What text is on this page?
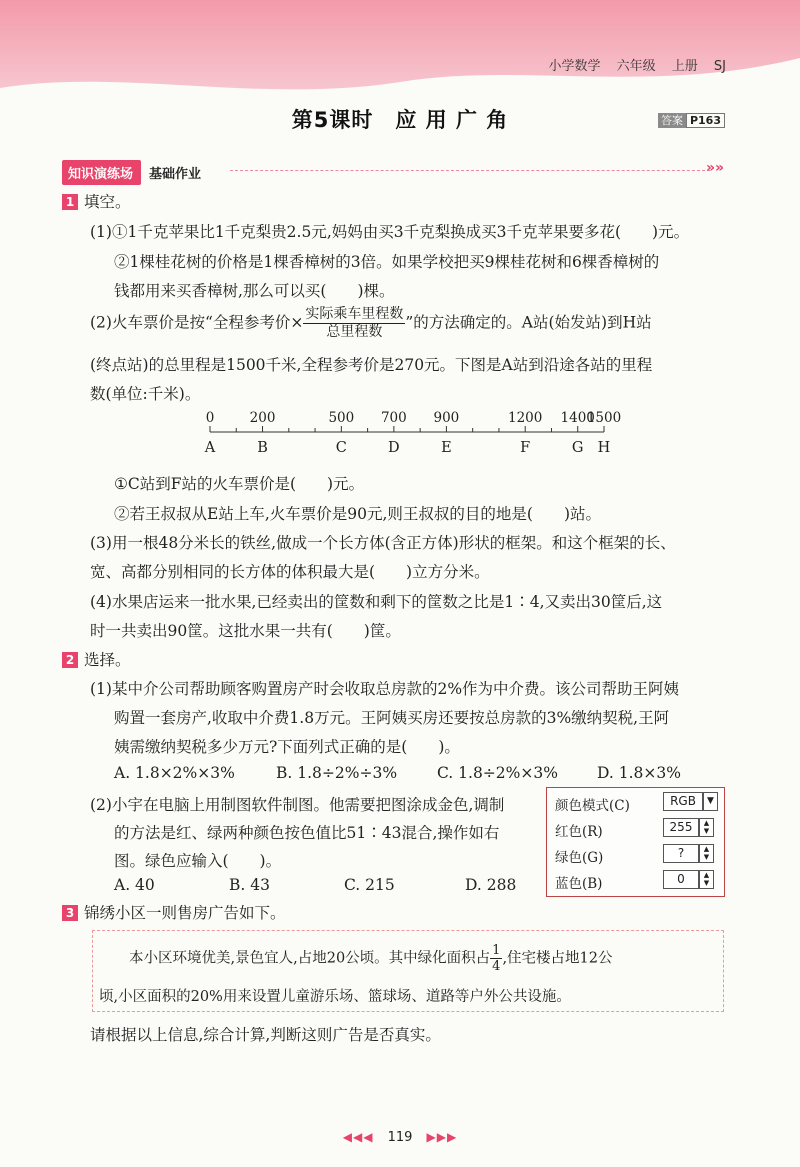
小学数学 六年级 上册 SJ
第5课时 应 用 广 角	答案 P163
知识演练场	基础作业	»»
1 填空。
(1)①1千克苹果比1千克梨贵2.5元,妈妈由买3千克梨换成买3千克苹果要多花(　　)元。
②1棵桂花树的价格是1棵香樟树的3倍。如果学校把买9棵桂花树和6棵香樟树的
钱都用来买香樟树,那么可以买(　　)棵。
(2)火车票价是按“全程参考价× $\frac{\text{实际乘车里程数}}{\text{总里程数}}$ ”的方法确定的。A站(始发站)到H站
(终点站)的总里程是1500千米,全程参考价是270元。下图是A站到沿途各站的里程
数(单位:千米)。
0
A
200
B
500
C
700
D
900
E
1200
F
1400
G
1500
H
①C站到F站的火车票价是(　　)元。
②若王叔叔从E站上车,火车票价是90元,则王叔叔的目的地是(　　)站。
(3)用一根48分米长的铁丝,做成一个长方体(含正方体)形状的框架。和这个框架的长、
宽、高都分别相同的长方体的体积最大是(　　)立方分米。
(4)水果店运来一批水果,已经卖出的筐数和剩下的筐数之比是1∶4,又卖出30筐后,这
时一共卖出90筐。这批水果一共有(　　)筐。
2 选择。
(1)某中介公司帮助顾客购置房产时会收取总房款的2%作为中介费。该公司帮助王阿姨
购置一套房产,收取中介费1.8万元。王阿姨买房还要按总房款的3%缴纳契税,王阿
姨需缴纳契税多少万元?下面列式正确的是(　　)。
A. 1.8×2%×3%	B. 1.8÷2%÷3%	C. 1.8÷2%×3%	D. 1.8×3%
(2)小宇在电脑上用制图软件制图。他需要把图涂成金色,调制
的方法是红、绿两种颜色按色值比51∶43混合,操作如右
图。绿色应输入(　　)。
A. 40	B. 43	C. 215	D. 288
颜色模式(C)	RGB	▼
红色(R)	255	▲
▼
绿色(G)	?	▲
▼
蓝色(B)	0	▲
▼
3 锦绣小区一则售房广告如下。
本小区环境优美,景色宜人,占地20公顷。其中绿化面积占 $\frac{1}{4}$ ,住宅楼占地12公
顷,小区面积的20%用来设置儿童游乐场、篮球场、道路等户外公共设施。
请根据以上信息,综合计算,判断这则广告是否真实。
◀◀◀ 119 ▶▶▶
